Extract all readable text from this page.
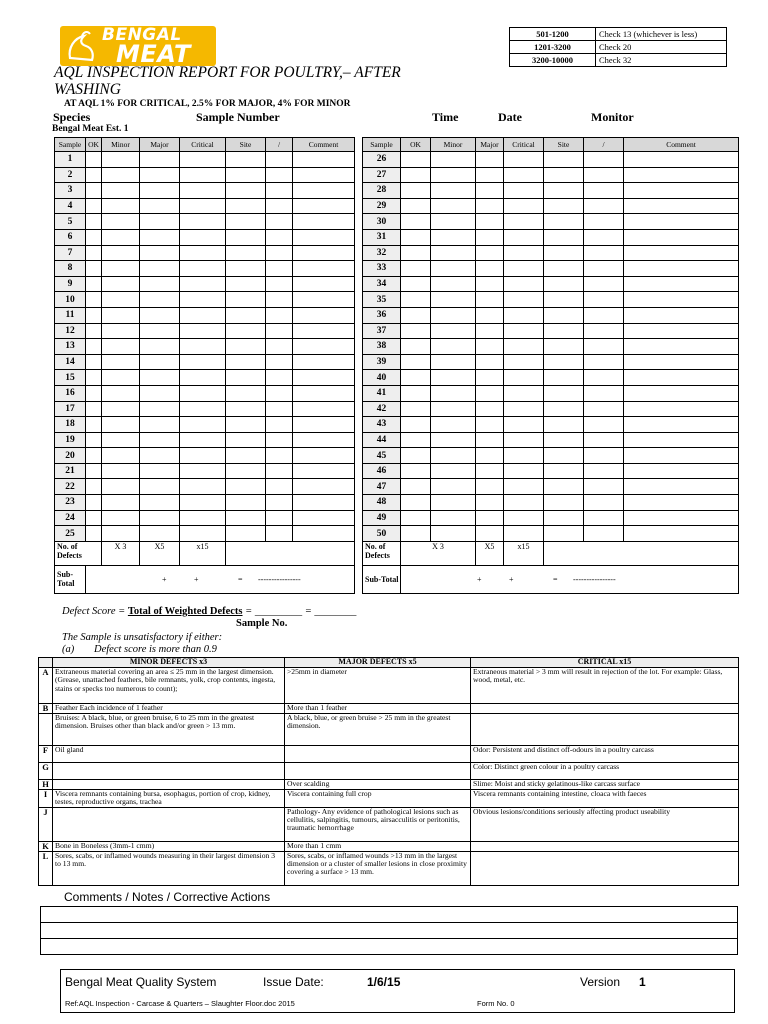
BENGAL
MEAT
501-1200	Check 13 (whichever is less)
1201-3200	Check 20
3200-10000	Check 32
AQL INSPECTION REPORT FOR POULTRY,– AFTER WASHING
AT AQL 1% FOR CRITICAL, 2.5% FOR MAJOR, 4% FOR MINOR
Species	Sample Number	Time	Date	Monitor
Bengal Meat Est. 1
Sample	OK	Minor	Major	Critical	Site	/	Comment		Sample	OK	Minor	Major	Critical	Site	/	Comment
1									26							
2									27							
3									28							
4									29							
5									30							
6									31							
7									32							
8									33							
9									34							
10									35							
11									36							
12									37							
13									38							
14									39							
15									40							
16									41							
17									42							
18									43							
19									44							
20									45							
21									46							
22									47							
23									48							
24									49							
25									50							
No. of Defects		X 3	X5	x15					No. of Defects	X 3		X5	x15			
Sub-Total	+ + = ----------------								Sub-Total	+ + = ----------------						
Defect Score = Total of Weighted Defects = _________ = ________
Sample No.
The Sample is unsatisfactory if either:
(a) Defect score is more than 0.9
	MINOR DEFECTS x3	MAJOR DEFECTS x5	CRITICAL x15
A	Extraneous material covering an area ≤ 25 mm in the largest dimension. (Grease, unattached feathers, bile remnants, yolk, crop contents, ingesta, stains or specks too numerous to count);	>25mm in diameter	Extraneous material > 3 mm will result in rejection of the lot. For example: Glass, wood, metal, etc.
B	Feather Each incidence of 1 feather	More than 1 feather	
	Bruises: A black, blue, or green bruise, 6 to 25 mm in the greatest dimension. Bruises other than black and/or green > 13 mm.	A black, blue, or green bruise > 25 mm in the greatest dimension.	
F	Oil gland		Odor: Persistent and distinct off-odours in a poultry carcass
G			Color: Distinct green colour in a poultry carcass
H		Over scalding	Slime: Moist and sticky gelatinous-like carcass surface
I	Viscera remnants containing bursa, esophagus, portion of crop, kidney, testes, reproductive organs, trachea	Viscera containing full crop	Viscera remnants containing intestine, cloaca with faeces
J		Pathology- Any evidence of pathological lesions such as cellulitis, salpingitis, tumours, airsacculitis or peritonitis, traumatic hemorrhage	Obvious lesions/conditions seriously affecting product useability
K	Bone in Boneless (3mm-1 cmm)	More than 1 cmm	
L	Sores, scabs, or inflamed wounds measuring in their largest dimension 3 to 13 mm.	Sores, scabs, or inflamed wounds >13 mm in the largest dimension or a cluster of smaller lesions in close proximity covering a surface > 13 mm.	
Comments / Notes / Corrective Actions

Bengal Meat Quality System	Issue Date:	1/6/15	Version 1
Ref:AQL Inspection - Carcase & Quarters – Slaughter Floor.doc 2015	Form No. 0
